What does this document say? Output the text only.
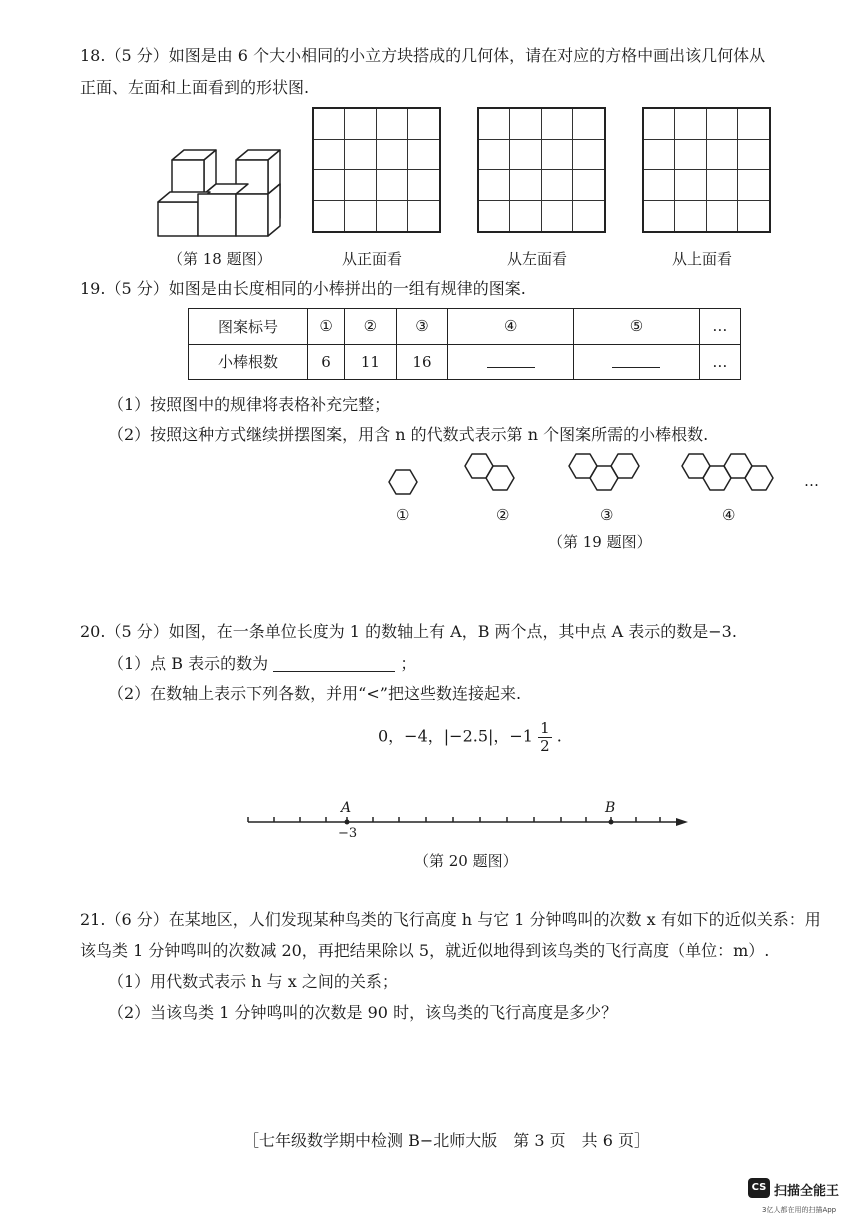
18.（5 分）如图是由 6 个大小相同的小立方块搭成的几何体，请在对应的方格中画出该几何体从
正面、左面和上面看到的形状图.
（第 18 题图）	从正面看	从左面看	从上面看
19.（5 分）如图是由长度相同的小棒拼出的一组有规律的图案.
图案标号	①	②	③	④	⑤	…
小棒根数	6	11	16			…
（1）按照图中的规律将表格补充完整；
（2）按照这种方式继续拼摆图案，用含 n 的代数式表示第 n 个图案所需的小棒根数.
①	②	③	④
…
（第 19 题图）
20.（5 分）如图，在一条单位长度为 1 的数轴上有 A，B 两个点，其中点 A 表示的数是−3.
（1）点 B 表示的数为	；
（2）在数轴上表示下列各数，并用“<”把这些数连接起来.
0，−4，|−2.5|，$-1 \frac{1}{2}$ .
A	B
−3
（第 20 题图）
21.（6 分）在某地区，人们发现某种鸟类的飞行高度 h 与它 1 分钟鸣叫的次数 x 有如下的近似关系：用
该鸟类 1 分钟鸣叫的次数减 20，再把结果除以 5，就近似地得到该鸟类的飞行高度（单位：m）.
（1）用代数式表示 h 与 x 之间的关系；
（2）当该鸟类 1 分钟鸣叫的次数是 90 时，该鸟类的飞行高度是多少？
［七年级数学期中检测 B−北师大版　第 3 页　共 6 页］
CS 扫描全能王
3亿人都在用的扫描App
